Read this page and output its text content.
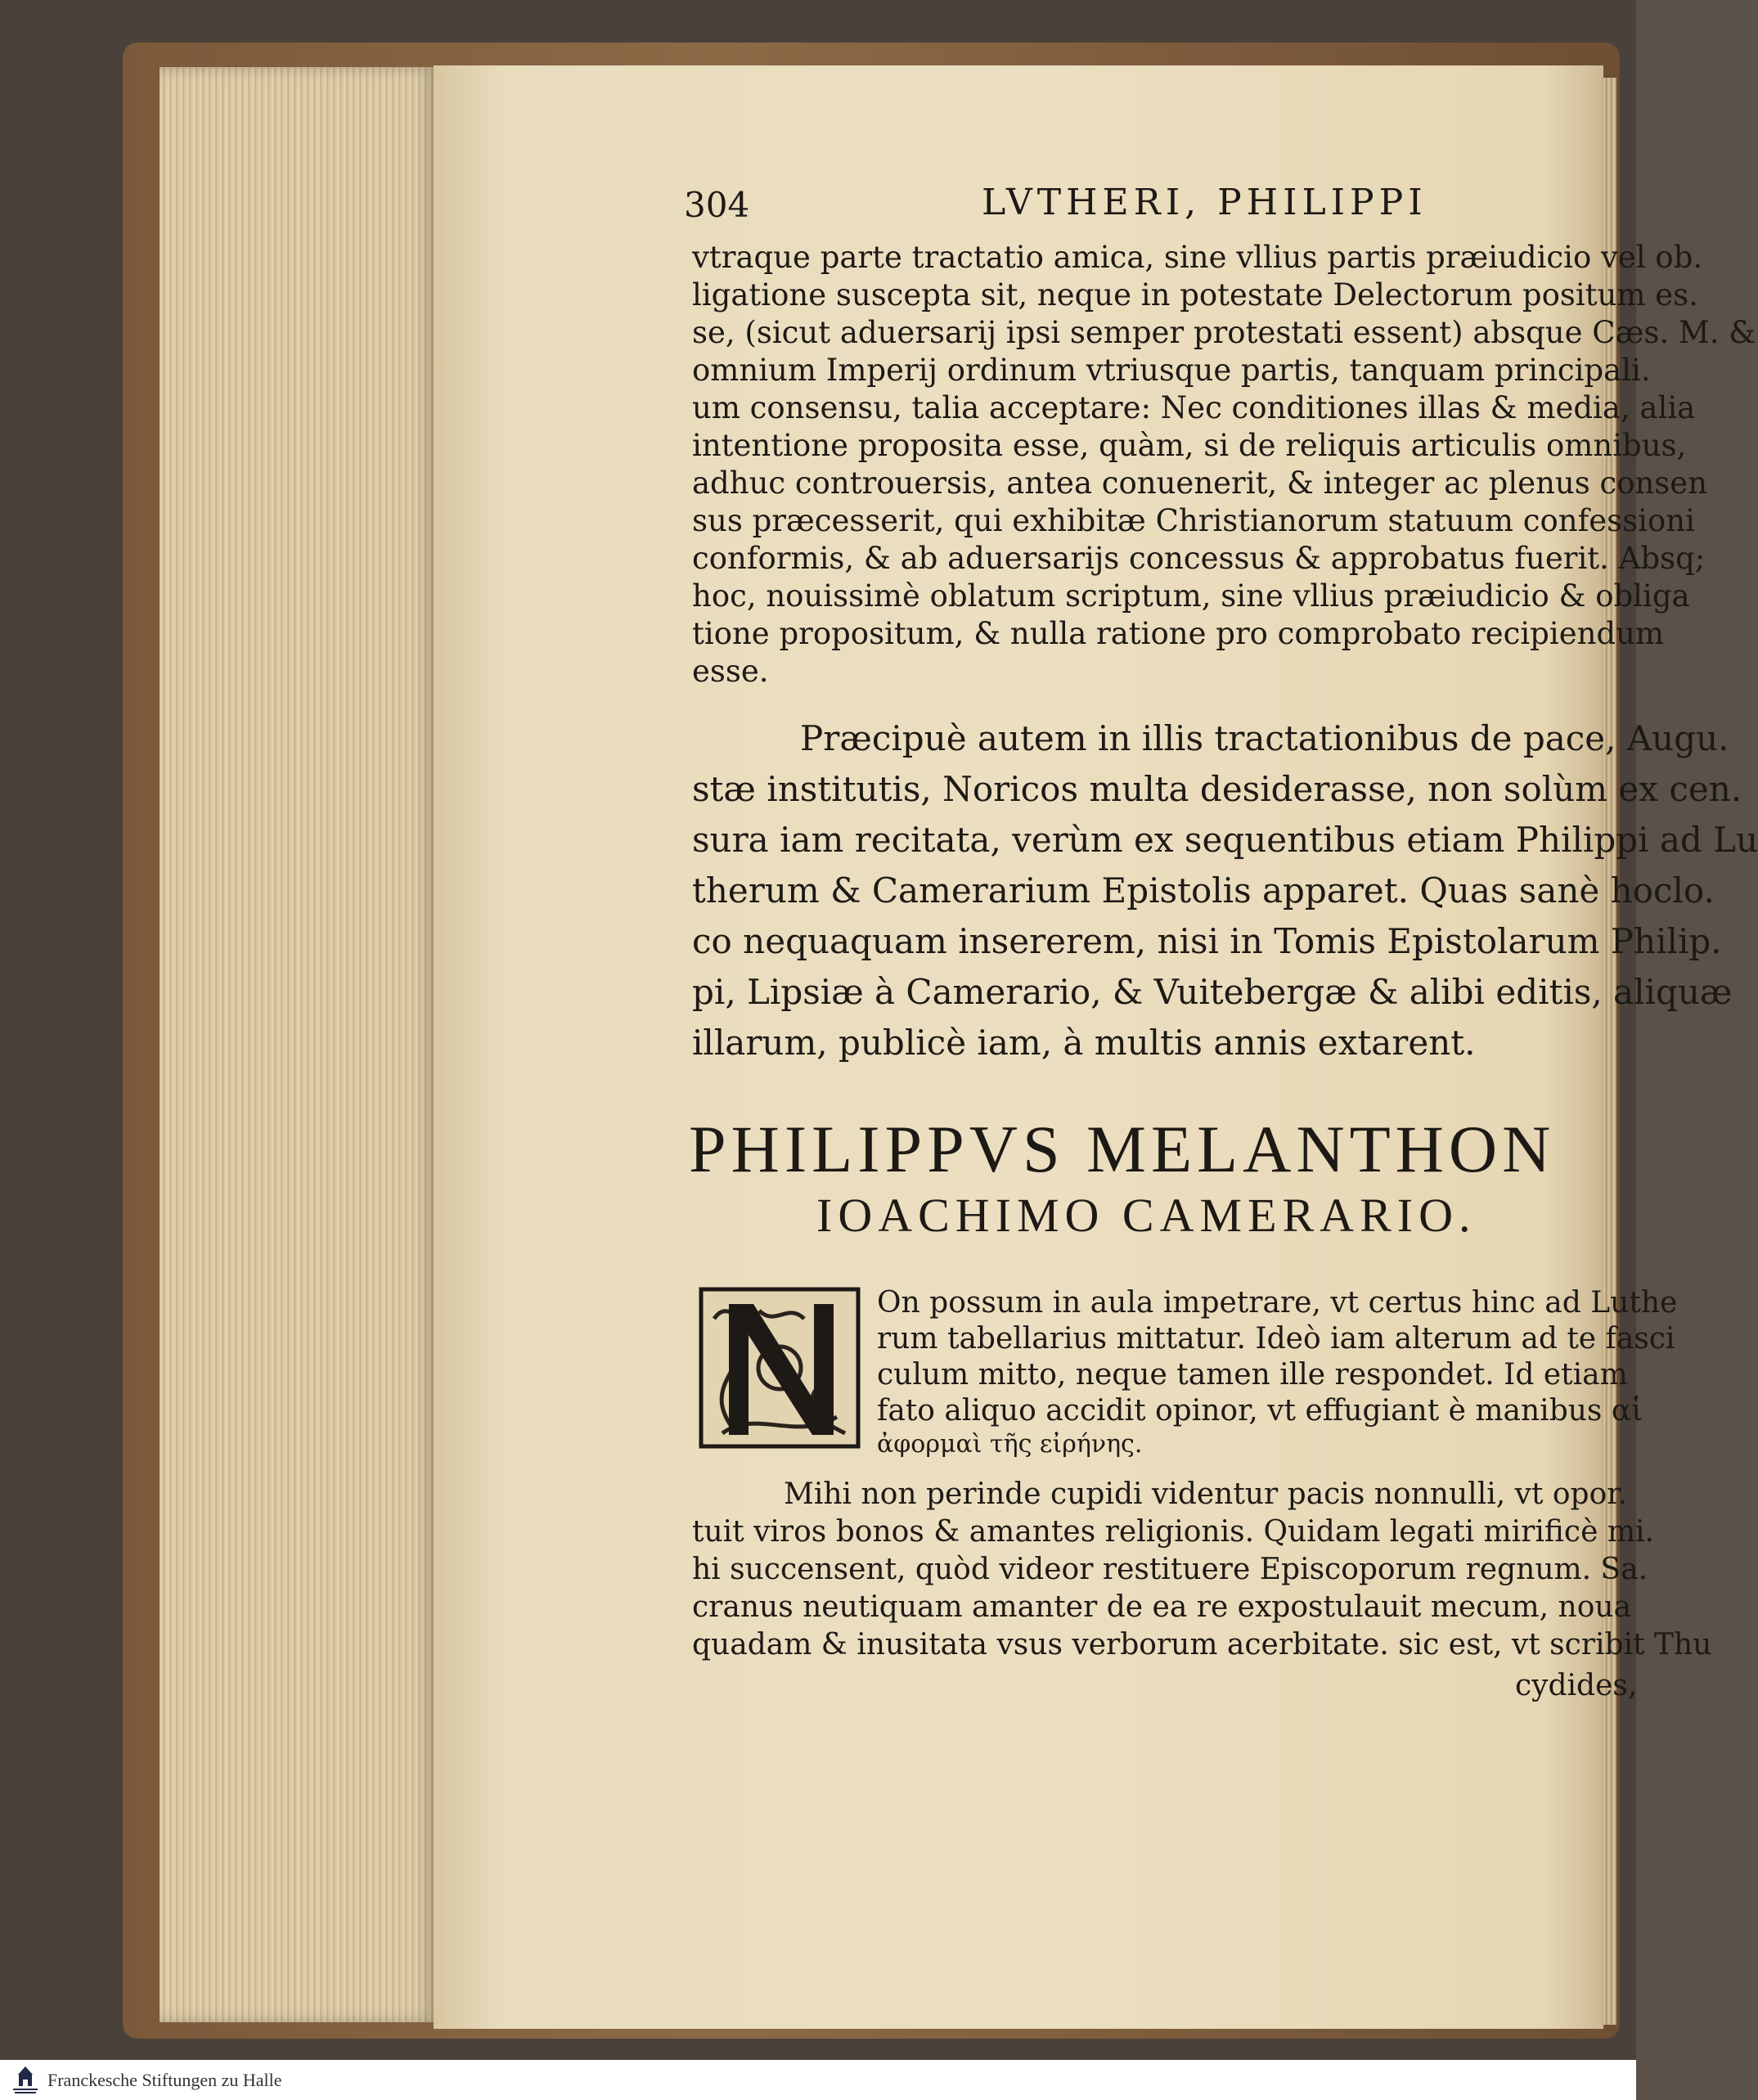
304	LVTHERI, PHILIPPI
vtraque parte tractatio amica, sine vllius partis præiudicio vel ob.
ligatione suscepta sit, neque in potestate Delectorum positum es.
se, (sicut aduersarij ipsi semper protestati essent) absque Cæs. M. &
omnium Imperij ordinum vtriusque partis, tanquam principali.
um consensu, talia acceptare: Nec conditiones illas & media, alia
intentione proposita esse, quàm, si de reliquis articulis omnibus,
adhuc controuersis, antea conuenerit, & integer ac plenus consen
sus præcesserit, qui exhibitæ Christianorum statuum confessioni
conformis, & ab aduersarijs concessus & approbatus fuerit. Absq;
hoc, nouissimè oblatum scriptum, sine vllius præiudicio & obliga
tione propositum, & nulla ratione pro comprobato recipiendum
esse.
Præcipuè autem in illis tractationibus de pace, Augu.
stæ institutis, Noricos multa desiderasse, non solùm ex cen.
sura iam recitata, verùm ex sequentibus etiam Philippi ad Lu
therum & Camerarium Epistolis apparet. Quas sanè hoclo.
co nequaquam insererem, nisi in Tomis Epistolarum Philip.
pi, Lipsiæ à Camerario, & Vuitebergæ & alibi editis, aliquæ
illarum, publicè iam, à multis annis extarent.
PHILIPPVS MELANTHON
IOACHIMO CAMERARIO.
On possum in aula impetrare, vt certus hinc ad Luthe
rum tabellarius mittatur. Ideò iam alterum ad te fasci
culum mitto, neque tamen ille respondet. Id etiam
fato aliquo accidit opinor, vt effugiant è manibus αἱ
ἀφορμαὶ τῆς εἰρήνης.
Mihi non perinde cupidi videntur pacis nonnulli, vt opor.
tuit viros bonos & amantes religionis. Quidam legati mirificè mi.
hi succensent, quòd videor restituere Episcoporum regnum. Sa.
cranus neutiquam amanter de ea re expostulauit mecum, noua
quadam & inusitata vsus verborum acerbitate. sic est, vt scribit Thu
cydides,
Franckesche Stiftungen zu Halle
